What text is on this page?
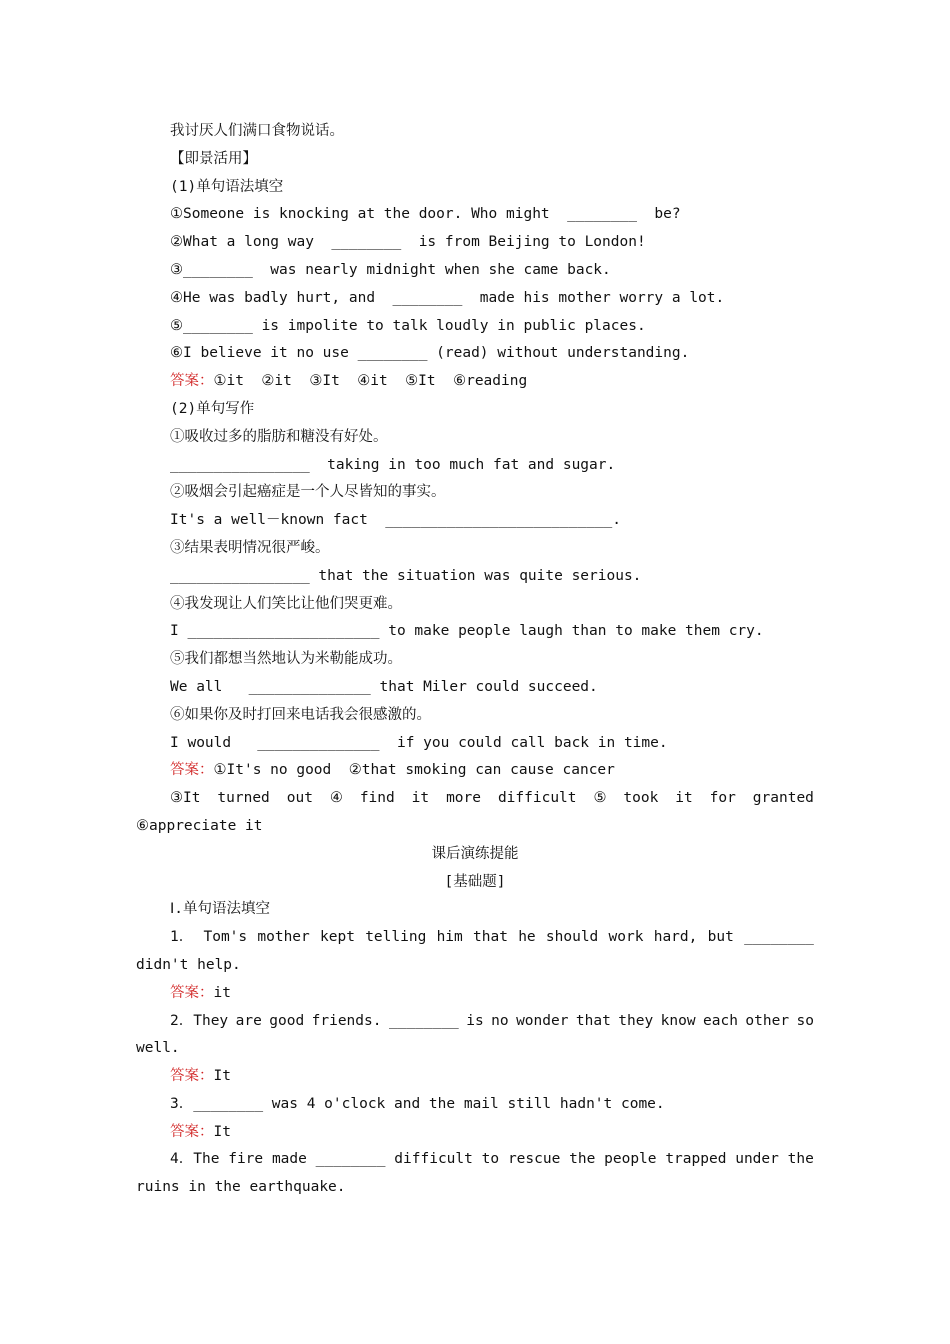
我讨厌人们满口食物说话。
【即景活用】
(1)单句语法填空
①Someone is knocking at the door. Who might  ________  be?
②What a long way  ________  is from Beijing to London!
③________  was nearly midnight when she came back.
④He was badly hurt, and  ________  made his mother worry a lot.
⑤________ is impolite to talk loudly in public places.
⑥I believe it no use ________ (read) without understanding.
答案：①it  ②it  ③It  ④it  ⑤It  ⑥reading
(2)单句写作
①吸收过多的脂肪和糖没有好处。
________________  taking in too much fat and sugar.
②吸烟会引起癌症是一个人尽皆知的事实。
It's a well－known fact  __________________________.
③结果表明情况很严峻。
________________ that the situation was quite serious.
④我发现让人们笑比让他们哭更难。
I ______________________ to make people laugh than to make them cry.
⑤我们都想当然地认为米勒能成功。
We all   ______________ that Miler could succeed.
⑥如果你及时打回来电话我会很感激的。
I would   ______________  if you could call back in time.
答案：①It's no good  ②that smoking can cause cancer
③It turned out ④ find it more difficult ⑤ took it for granted
⑥appreciate it
课后演练提能
[基础题]
Ⅰ.单句语法填空
1． Tom's mother kept telling him that he should work hard, but ________
didn't help.
答案：it
2．They are good friends. ________ is no wonder that they know each other so
well.
答案：It
3．________ was 4 o'clock and the mail still hadn't come.
答案：It
4．The fire made ________ difficult to rescue the people trapped under the
ruins in the earthquake.
